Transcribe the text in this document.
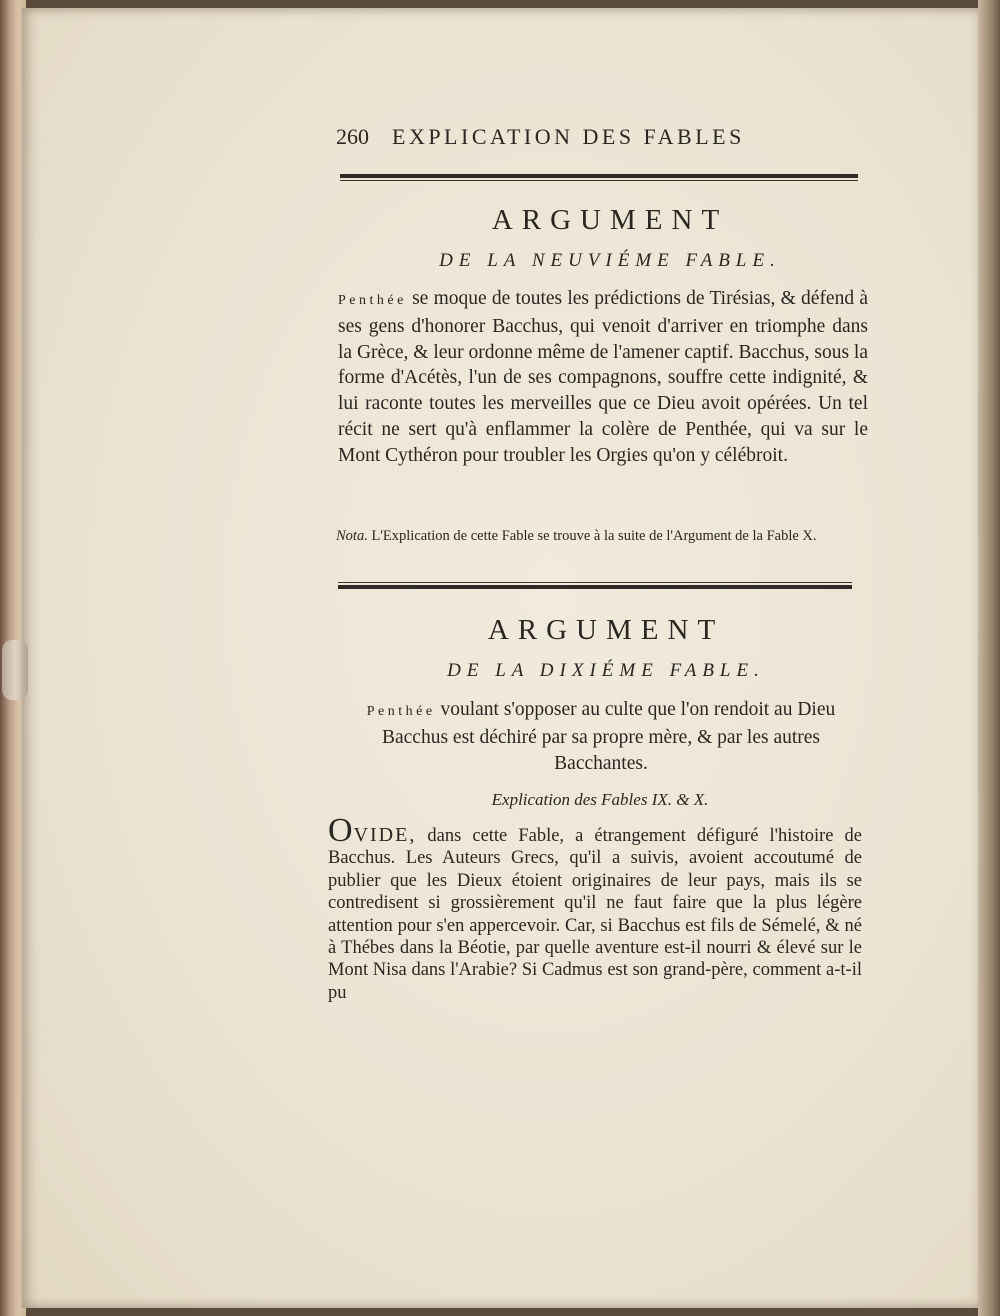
260 EXPLICATION DES FABLES
ARGUMENT
DE LA NEUVIÉME FABLE.
Penthée se moque de toutes les prédictions de Tirésias, & défend à ses gens d'honorer Bacchus, qui venoit d'arriver en triomphe dans la Grèce, & leur ordonne même de l'amener captif. Bacchus, sous la forme d'Acétès, l'un de ses compagnons, souffre cette indignité, & lui raconte toutes les merveilles que ce Dieu avoit opérées. Un tel récit ne sert qu'à enflammer la colère de Penthée, qui va sur le Mont Cythéron pour troubler les Orgies qu'on y célébroit.
Nota. L'Explication de cette Fable se trouve à la suite de l'Argument de la Fable X.
ARGUMENT
DE LA DIXIÉME FABLE.
Penthée voulant s'opposer au culte que l'on rendoit au Dieu Bacchus est déchiré par sa propre mère, & par les autres Bacchantes.
Explication des Fables IX. & X.
OVIDE, dans cette Fable, a étrangement défiguré l'histoire de Bacchus. Les Auteurs Grecs, qu'il a suivis, avoient accoutumé de publier que les Dieux étoient originaires de leur pays, mais ils se contredisent si grossièrement qu'il ne faut faire que la plus légère attention pour s'en appercevoir. Car, si Bacchus est fils de Sémelé, & né à Thébes dans la Béotie, par quelle aventure est-il nourri & élevé sur le Mont Nisa dans l'Arabie? Si Cadmus est son grand-père, comment a-t-il pu
